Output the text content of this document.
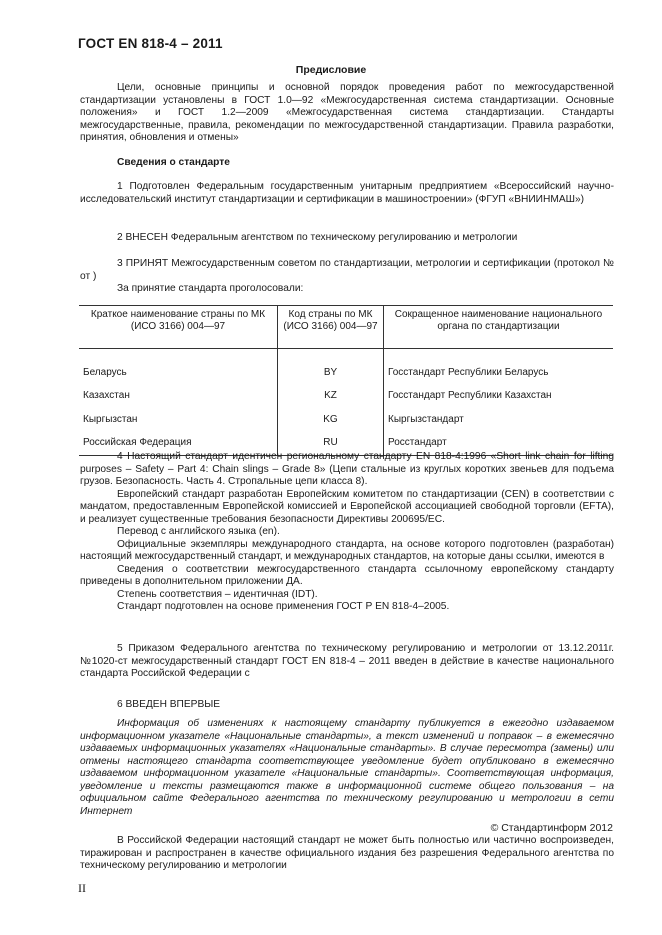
ГОСТ EN 818-4 – 2011
Предисловие

Цели, основные принципы и основной порядок проведения работ по межгосударственной стандартизации установлены в ГОСТ 1.0—92 «Межгосударственная система стандартизации. Основные положения» и ГОСТ 1.2—2009 «Межгосударственная система стандартизации. Стандарты межгосударственные, правила, рекомендации по межгосударственной стандартизации. Правила разработки, принятия, обновления и отмены»

Сведения о стандарте

1 Подготовлен Федеральным государственным унитарным предприятием «Всероссийский научно-исследовательский институт стандартизации и сертификации в машиностроении» (ФГУП «ВНИИНМАШ»)

2 ВНЕСЕН Федеральным агентством по техническому регулированию и метрологии

3 ПРИНЯТ Межгосударственным советом по стандартизации, метрологии и сертификации (протокол № от )

За принятие стандарта проголосовали:

Краткое наименование страны по МК (ИСО 3166) 004—97	Код страны по МК (ИСО 3166) 004—97	Сокращенное наименование национального органа по стандартизации
Беларусь	BY	Госстандарт Республики Беларусь
Казахстан	KZ	Госстандарт Республики Казахстан
Кыргызстан	KG	Кыргызстандарт
Российская Федерация	RU	Росстандарт

4 Настоящий стандарт идентичен региональному стандарту EN 818-4:1996 «Short link chain for lifting purposes – Safety – Part 4: Chain slings – Grade 8» (Цепи стальные из круглых коротких звеньев для подъема грузов. Безопасность. Часть 4. Стропальные цепи класса 8).

Европейский стандарт разработан Европейским комитетом по стандартизации (CEN) в соответствии с мандатом, предоставленным Европейской комиссией и Европейской ассоциацией свободной торговли (EFTA), и реализует существенные требования безопасности Директивы 200695/ЕС.

Перевод с английского языка (en).

Официальные экземпляры международного стандарта, на основе которого подготовлен (разработан) настоящий межгосударственный стандарт, и международных стандартов, на которые даны ссылки, имеются в

Сведения о соответствии межгосударственного стандарта ссылочному европейскому стандарту приведены в дополнительном приложении ДА.

Степень соответствия – идентичная (IDT).

Стандарт подготовлен на основе применения ГОСТ Р EN 818-4–2005.

5 Приказом Федерального агентства по техническому регулированию и метрологии от 13.12.2011г. №1020-ст межгосударственный стандарт ГОСТ EN 818-4 – 2011 введен в действие в качестве национального стандарта Российской Федерации с

6 ВВЕДЕН ВПЕРВЫЕ

Информация об изменениях к настоящему стандарту публикуется в ежегодно издаваемом информационном указателе «Национальные стандарты», а текст изменений и поправок – в ежемесячно издаваемых информационных указателях «Национальные стандарты». В случае пересмотра (замены) или отмены настоящего стандарта соответствующее уведомление будет опубликовано в ежемесячно издаваемом информационном указателе «Национальные стандарты». Соответствующая информация, уведомление и тексты размещаются также в информационной системе общего пользования – на официальном сайте Федерального агентства по техническому регулированию и метрологии в сети Интернет

© Стандартинформ 2012

В Российской Федерации настоящий стандарт не может быть полностью или частично воспроизведен, тиражирован и распространен в качестве официального издания без разрешения Федерального агентства по техническому регулированию и метрологии

II
